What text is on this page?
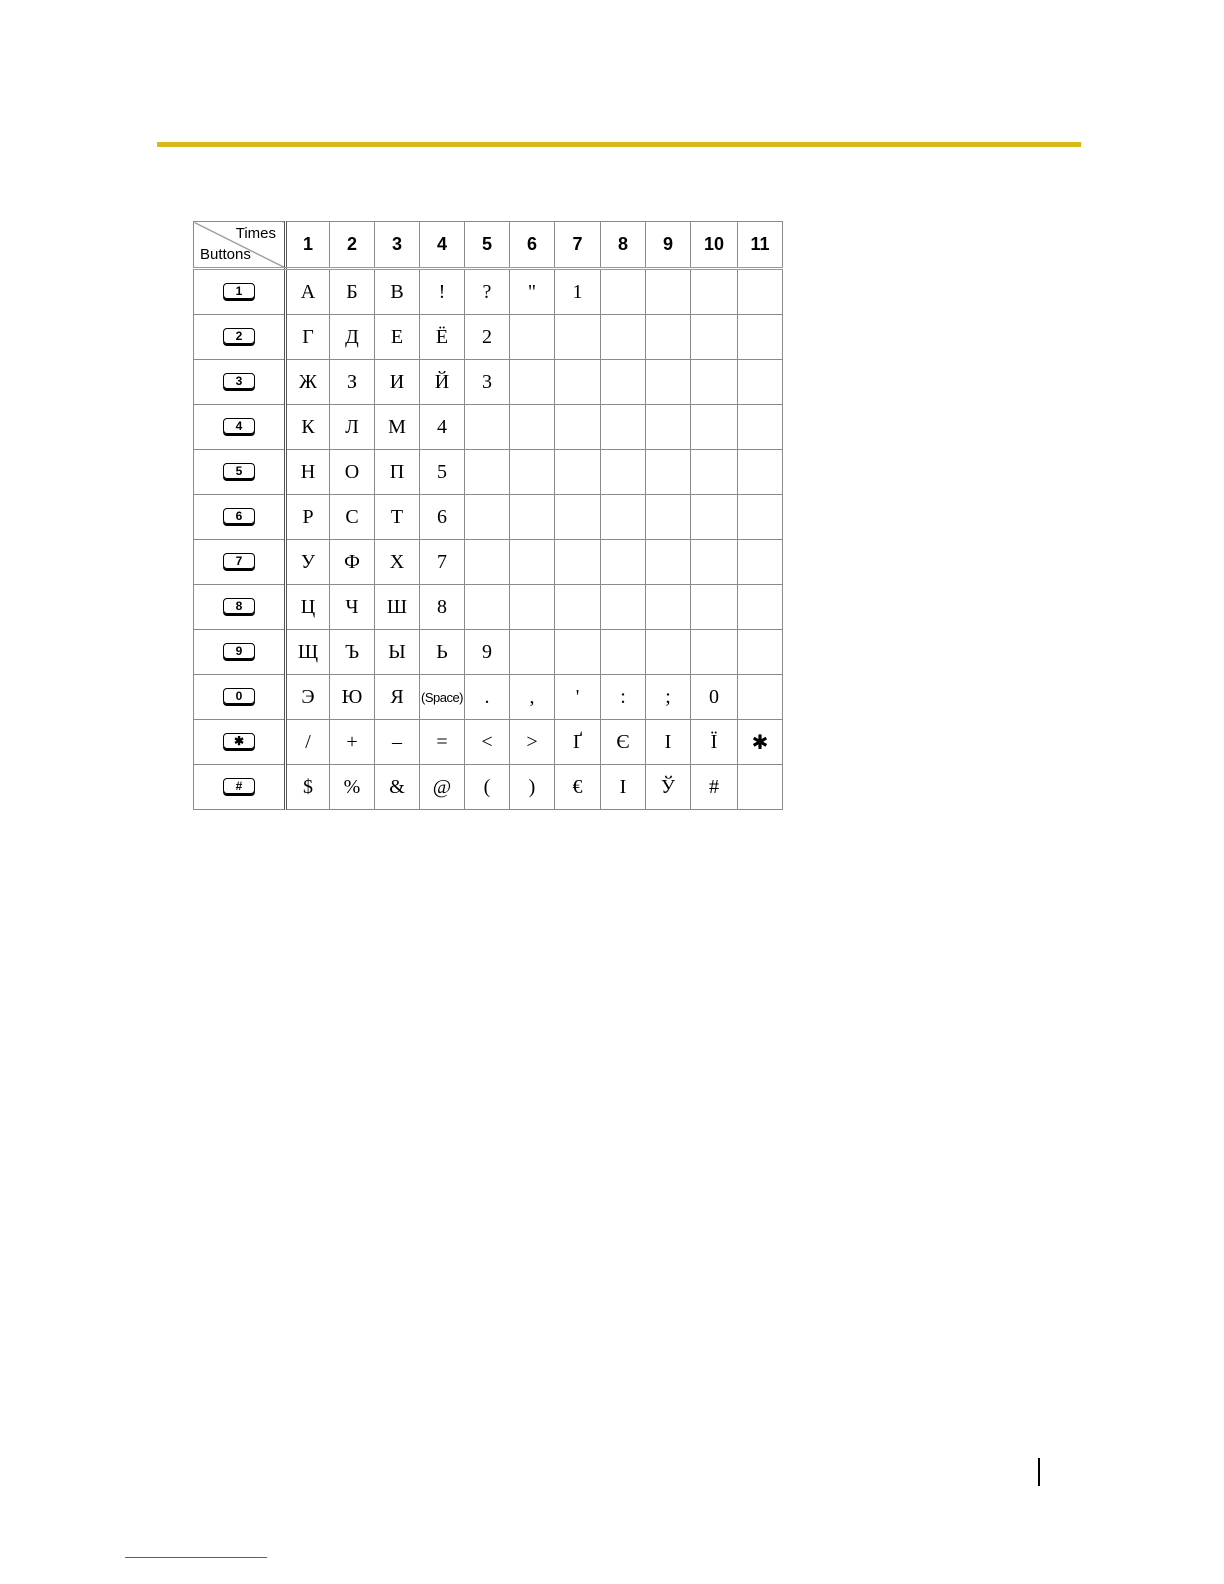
Times
Buttons	1	2	3	4	5	6	7	8	9	10	11
1	А	Б	В	!	?	"	1				
2	Г	Д	Е	Ё	2						
3	Ж	З	И	Й	3						
4	К	Л	М	4							
5	Н	О	П	5							
6	Р	С	Т	6							
7	У	Ф	Х	7							
8	Ц	Ч	Ш	8							
9	Щ	Ъ	Ы	Ь	9						
0	Э	Ю	Я	(Space)	.	,	'	:	;	0	
✱	/	+	–	=	<	>	Ґ	Є	І	Ї	✱
#	$	%	&	@	(	)	€	І	Ў	#	
